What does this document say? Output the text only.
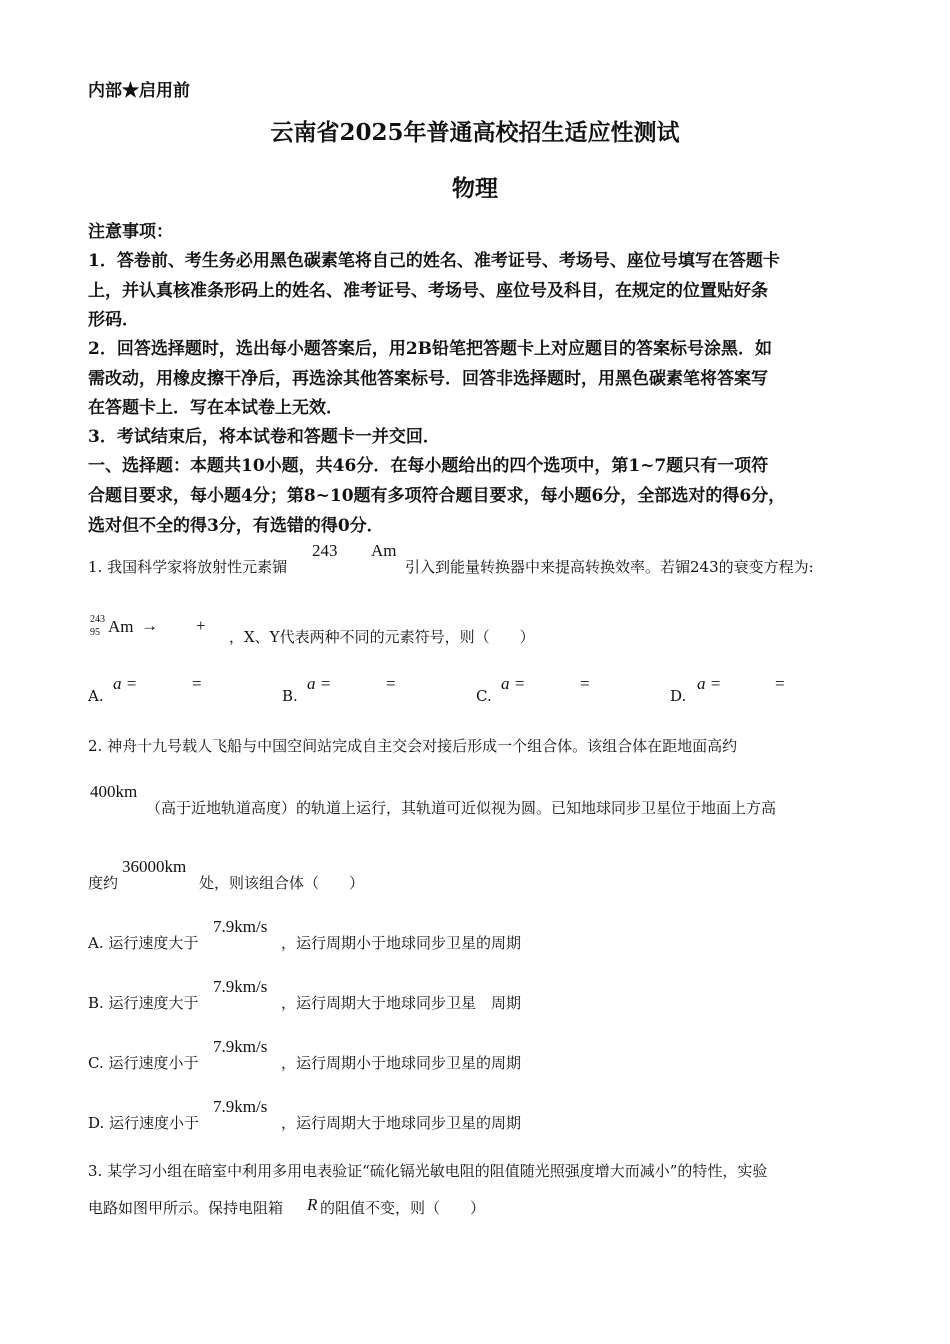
内部★启用前
云南省2025年普通高校招生适应性测试
物理
注意事项：
1．答卷前、考生务必用黑色碳素笔将自己的姓名、准考证号、考场号、座位号填写在答题卡
上，并认真核准条形码上的姓名、准考证号、考场号、座位号及科目，在规定的位置贴好条
形码．
2．回答选择题时，选出每小题答案后，用2B铅笔把答题卡上对应题目的答案标号涂黑．如
需改动，用橡皮擦干净后，再选涂其他答案标号．回答非选择题时，用黑色碳素笔将答案写
在答题卡上．写在本试卷上无效．
3．考试结束后，将本试卷和答题卡一并交回．
一、选择题：本题共10小题，共46分．在每小题给出的四个选项中，第1~7题只有一项符
合题目要求，每小题4分；第8~10题有多项符合题目要求，每小题6分，全部选对的得6分，
选对但不全的得3分，有选错的得0分．
1. 我国科学家将放射性元素镅
243 Am
引入到能量转换器中来提高转换效率。若镅243的衰变方程为:
243
95 Am → +
，X、Y代表两种不同的元素符号，则（　　）
A.
a =	=
B.
a =	=
C.
a =	=
D.
a =	=
2. 神舟十九号载人飞船与中国空间站完成自主交会对接后形成一个组合体。该组合体在距地面高约
400km
（高于近地轨道高度）的轨道上运行，其轨道可近似视为圆。已知地球同步卫星位于地面上方高
度约
36000km
处，则该组合体（　　）
A. 运行速度大于
7.9km/s
，运行周期小于地球同步卫星的周期
B. 运行速度大于
7.9km/s
，运行周期大于地球同步卫星　周期
C. 运行速度小于
7.9km/s
，运行周期小于地球同步卫星的周期
D. 运行速度小于
7.9km/s
，运行周期大于地球同步卫星的周期
3. 某学习小组在暗室中利用多用电表验证“硫化镉光敏电阻的阻值随光照强度增大而减小”的特性，实验
电路如图甲所示。保持电阻箱 R 的阻值不变，则（　　）
